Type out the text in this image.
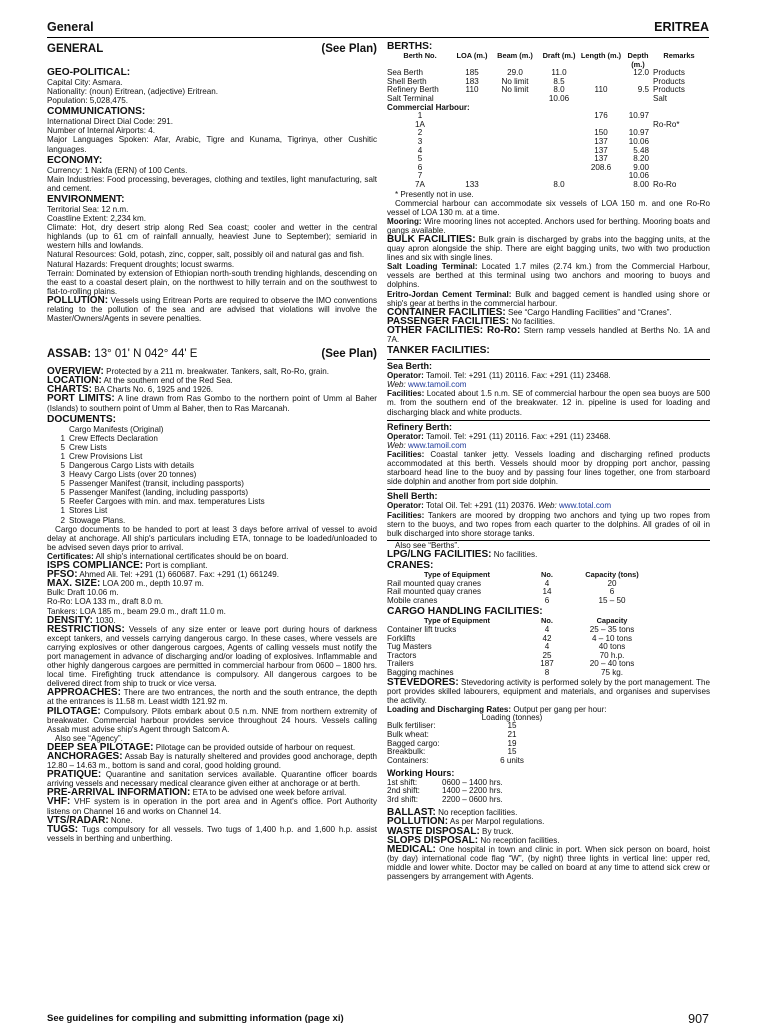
General	ERITREA
GENERAL	(See Plan)
GEO-POLITICAL:
Capital City: Asmara.
Nationality: (noun) Eritrean, (adjective) Eritrean.
Population: 5,028,475.
COMMUNICATIONS:
International Direct Dial Code: 291.
Number of Internal Airports: 4.
Major Languages Spoken: Afar, Arabic, Tigre and Kunama, Tigrinya, other Cushitic languages.
ECONOMY:
Currency: 1 Nakfa (ERN) of 100 Cents.
Main Industries: Food processing, beverages, clothing and textiles, light manufacturing, salt and cement.
ENVIRONMENT:
Territorial Sea: 12 n.m.
Coastline Extent: 2,234 km.
Climate: Hot, dry desert strip along Red Sea coast; cooler and wetter in the central highlands (up to 61 cm of rainfall annually, heaviest June to September); semiarid in western hills and lowlands.
Natural Resources: Gold, potash, zinc, copper, salt, possibly oil and natural gas and fish.
Natural Hazards: Frequent droughts; locust swarms.
Terrain: Dominated by extension of Ethiopian north-south trending highlands, descending on the east to a coastal desert plain, on the northwest to hilly terrain and on the southwest to flat-to-rolling plains.

POLLUTION: Vessels using Eritrean Ports are required to observe the IMO conventions relating to the pollution of the sea and are advised that violations will involve the Master/Owners/Agents in severe penalties.

ASSAB: 13° 01' N 042° 44' E	(See Plan)

OVERVIEW: Protected by a 211 m. breakwater. Tankers, salt, Ro-Ro, grain.

LOCATION: At the southern end of the Red Sea.

CHARTS: BA Charts No. 6, 1925 and 1926.

PORT LIMITS: A line drawn from Ras Gombo to the northern point of Umm al Baher (Islands) to southern point of Umm al Baher, then to Ras Marcanah.

DOCUMENTS:
Cargo Manifests (Original)
1 Crew Effects Declaration
5 Crew Lists
1 Crew Provisions List
5 Dangerous Cargo Lists with details
3 Heavy Cargo Lists (over 20 tonnes)
5 Passenger Manifest (transit, including passports)
5 Passenger Manifest (landing, including passports)
5 Reefer Cargoes with min. and max. temperatures Lists
1 Stores List
2 Stowage Plans.

Cargo documents to be handed to port at least 3 days before arrival of vessel to avoid delay at anchorage. All ship's particulars including ETA, tonnage to be loaded/unloaded to be advised seven days prior to arrival.

Certificates: All ship's international certificates should be on board.

ISPS COMPLIANCE: Port is compliant.

PFSO: Ahmed Ali. Tel: +291 (1) 660687. Fax: +291 (1) 661249.

MAX. SIZE: LOA 200 m., depth 10.97 m.

Bulk: Draft 10.06 m.
Ro-Ro: LOA 133 m., draft 8.0 m.
Tankers: LOA 185 m., beam 29.0 m., draft 11.0 m.

DENSITY: 1030.

RESTRICTIONS: Vessels of any size enter or leave port during hours of darkness except tankers, and vessels carrying dangerous cargo. In these cases, where vessels are carrying explosives or other dangerous cargoes, Agents of calling vessels must notify the port management in advance of discharging and/or loading of explosives. Inflammable and other highly dangerous cargoes are permitted in commercial harbour from 0600 – 1800 hrs. local time. Firefighting truck attendance is compulsory. All dangerous cargoes to be delivered direct from ship to truck or vice versa.

APPROACHES: There are two entrances, the north and the south entrance, the depth at the entrances is 11.58 m. Least width 121.92 m.

PILOTAGE: Compulsory. Pilots embark about 0.5 n.m. NNE from northern extremity of breakwater. Commercial harbour provides service throughout 24 hours. Vessels calling Assab must advise ship's Agent through Satcom A.

Also see “Agency”.

DEEP SEA PILOTAGE: Pilotage can be provided outside of harbour on request.

ANCHORAGES: Assab Bay is naturally sheltered and provides good anchorage, depth 12.80 – 14.63 m., bottom is sand and coral, good holding ground.

PRATIQUE: Quarantine and sanitation services available. Quarantine officer boards arriving vessels and necessary medical clearance given either at anchorage or at berth.

PRE-ARRIVAL INFORMATION: ETA to be advised one week before arrival.

VHF: VHF system is in operation in the port area and in Agent's office. Port Authority listens on Channel 16 and works on Channel 14.

VTS/RADAR: None.

TUGS: Tugs compulsory for all vessels. Two tugs of 1,400 h.p. and 1,600 h.p. assist vessels in berthing and unberthing.

BERTHS:
Berth No.	LOA (m.)	Beam (m.)	Draft (m.)	Length (m.)	Depth (m.)	Remarks
Sea Berth	185	29.0	11.0		12.0	Products
Shell Berth	183	No limit	8.5			Products
Refinery Berth	110	No limit	8.0	110	9.5	Products
Salt Terminal			10.06			Salt
Commercial Harbour:						
1				176	10.97	
1A						Ro-Ro*
2				150	10.97	
3				137	10.06	
4				137	5.48	
5				137	8.20	
6				208.6	9.00	
7					10.06	
7A	133		8.0		8.00	Ro-Ro

* Presently not in use.

Commercial harbour can accommodate six vessels of LOA 150 m. and one Ro-Ro vessel of LOA 130 m. at a time.

Mooring: Wire mooring lines not accepted. Anchors used for berthing. Mooring boats and gangs available.

BULK FACILITIES: Bulk grain is discharged by grabs into the bagging units, at the quay apron alongside the ship. There are eight bagging units, two with two production lines and six with single lines.

Salt Loading Terminal: Located 1.7 miles (2.74 km.) from the Commercial Harbour, vessels are berthed at this terminal using two anchors and mooring to buoys and dolphins.

Eritro-Jordan Cement Terminal: Bulk and bagged cement is handled using shore or ship's gear at berths in the commercial harbour.

CONTAINER FACILITIES: See “Cargo Handling Facilities” and “Cranes”.

PASSENGER FACILITIES: No facilities.

OTHER FACILITIES: Ro-Ro: Stern ramp vessels handled at Berths No. 1A and 7A.

TANKER FACILITIES:
Sea Berth:

Operator: Tamoil. Tel: +291 (11) 20116. Fax: +291 (11) 23468.

Web: www.tamoil.com

Facilities: Located about 1.5 n.m. SE of commercial harbour the open sea buoys are 500 m. from the southern end of the breakwater. 12 in. pipeline is used for loading and discharging black and white products.

Refinery Berth:

Operator: Tamoil. Tel: +291 (11) 20116. Fax: +291 (11) 23468.

Web: www.tamoil.com

Facilities: Coastal tanker jetty. Vessels loading and discharging refined products accommodated at this berth. Vessels should moor by dropping port anchor, passing starboard head line to the buoy and by passing four lines together, one from starboard side dolphin and another from port side dolphin.

Shell Berth:

Operator: Total Oil. Tel: +291 (11) 20376. Web: www.total.com

Facilities: Tankers are moored by dropping two anchors and tying up two ropes from stern to the buoys, and two ropes from each quarter to the dolphins. All grades of oil in bulk discharged into shore storage tanks.

Also see “Berths”.

LPG/LNG FACILITIES: No facilities.

CRANES:
Type of Equipment	No.	Capacity (tons)
Rail mounted quay cranes	4	20
Rail mounted quay cranes	14	6
Mobile cranes	6	15 – 50
CARGO HANDLING FACILITIES:
Type of Equipment	No.	Capacity
Container lift trucks	4	25 – 35 tons
Forklifts	42	4 – 10 tons
Tug Masters	4	40 tons
Tractors	25	70 h.p.
Trailers	187	20 – 40 tons
Bagging machines	8	75 kg.

STEVEDORES: Stevedoring activity is performed solely by the port management. The port provides skilled labourers, equipment and materials, and organises and supervises the activity.

Loading and Discharging Rates: Output per gang per hour:

	Loading (tonnes)
Bulk fertiliser:	15
Bulk wheat:	21
Bagged cargo:	19
Breakbulk:	15
Containers:	6 units
Working Hours:
1st shift:	0600 – 1400 hrs.
2nd shift:	1400 – 2200 hrs.
3rd shift:	2200 – 0600 hrs.

BALLAST: No reception facilities.

POLLUTION: As per Marpol regulations.

WASTE DISPOSAL: By truck.

SLOPS DISPOSAL: No reception facilities.

MEDICAL: One hospital in town and clinic in port. When sick person on board, hoist (by day) international code flag “W”, (by night) three lights in vertical line: upper red, middle and lower white. Doctor may be called on board at any time to attend sick crew or passengers by arrangement with Agents.

See guidelines for compiling and submitting information (page xi)	907
